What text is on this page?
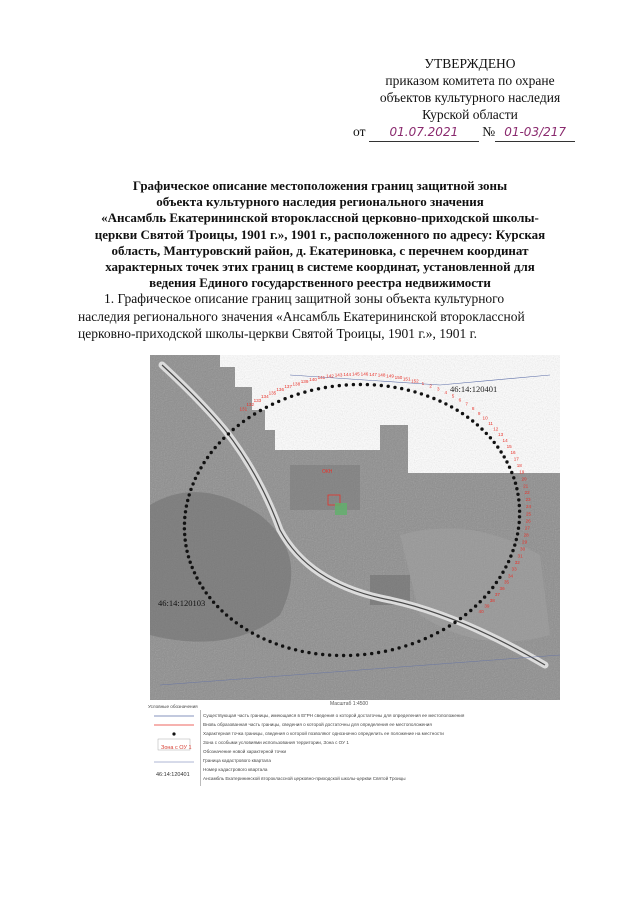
УТВЕРЖДЕНО
приказом комитета по охране
объектов культурного наследия
Курской области
от 01.07.2021 № 01-03/217
Графическое описание местоположения границ защитной зоны
объекта культурного наследия регионального значения
«Ансамбль Екатерининской второклассной церковно-приходской школы-
церкви Святой Троицы, 1901 г.», 1901 г., расположенного по адресу: Курская
область, Мантуровский район, д. Екатериновка, с перечнем координат
характерных точек этих границ в системе координат, установленной для
ведения Единого государственного реестра недвижимости
1. Графическое описание границ защитной зоны объекта культурного
наследия регионального значения «Ансамбль Екатерининской второклассной
церковно-приходской школы-церкви Святой Троицы, 1901 г.», 1901 г.
ОКН
131
132
133
134
135
136
137
138 139 140 141 142 143 144 145 146 147 148 149 150 151 152 1
2
3
4
5
6
7
8
9
10
11
12
13
14
15
16
17
18
19
20
21
22
23
24
25
26
27
28
29
30
31
32
33
34
35
36
37
38
39
40
46:14:120401
46:14:120103
Масштаб 1:4500
Условные обозначения
Зона с ОУ 1
46:14:120401
Существующая часть границы, имеющаяся в ЕГРН сведения о которой достаточны для определения ее местоположения
Вновь образованная часть границы, сведения о которой достаточны для определения ее местоположения
Характерная точка границы, сведения о которой позволяют однозначно определить ее положение на местности
Зона с особыми условиями использования территории, Зона с ОУ 1
Обозначение новой характерной точки
Граница кадастрового квартала
Номер кадастрового квартала
Ансамбль Екатерининской второклассной церковно-приходской школы-церкви Святой Троицы
